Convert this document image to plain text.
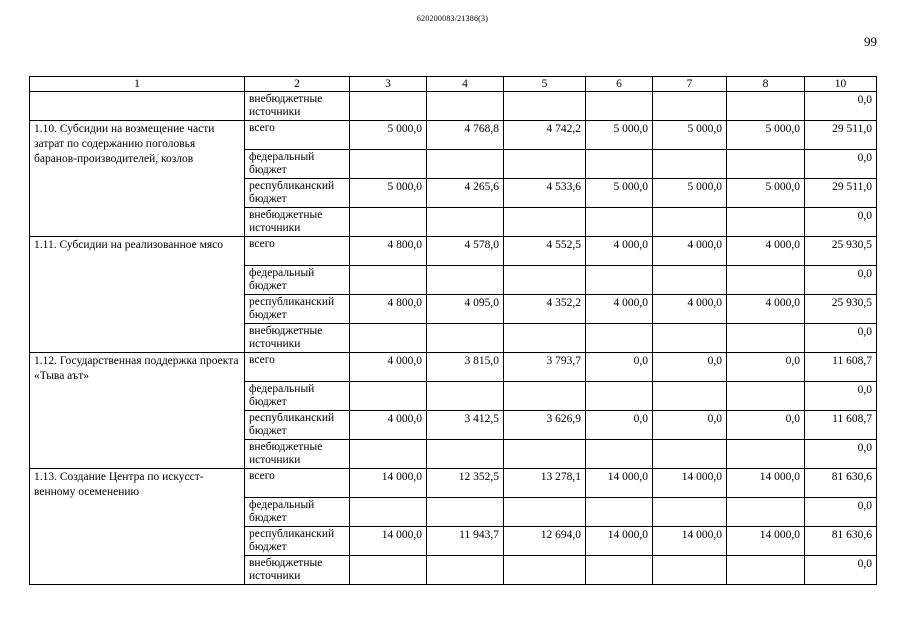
620200083/21386(3)
99
1	2	3	4	5	6	7	8	10
	внебюджетные источники							0,0
1.10. Субсидии на возмещение части затрат по содержанию поголовья баранов-производителей, козлов	всего	5 000,0	4 768,8	4 742,2	5 000,0	5 000,0	5 000,0	29 511,0
	федеральный бюджет							0,0
	республиканский бюджет	5 000,0	4 265,6	4 533,6	5 000,0	5 000,0	5 000,0	29 511,0
	внебюджетные источники							0,0
1.11. Субсидии на реализованное мясо	всего	4 800,0	4 578,0	4 552,5	4 000,0	4 000,0	4 000,0	25 930,5
	федеральный бюджет							0,0
	республиканский бюджет	4 800,0	4 095,0	4 352,2	4 000,0	4 000,0	4 000,0	25 930,5
	внебюджетные источники							0,0
1.12. Государственная поддержка проекта «Тыва аът»	всего	4 000,0	3 815,0	3 793,7	0,0	0,0	0,0	11 608,7
	федеральный бюджет							0,0
	республиканский бюджет	4 000,0	3 412,5	3 626,9	0,0	0,0	0,0	11 608,7
	внебюджетные источники							0,0
1.13. Создание Центра по искусст-венному осеменению	всего	14 000,0	12 352,5	13 278,1	14 000,0	14 000,0	14 000,0	81 630,6
	федеральный бюджет							0,0
	республиканский бюджет	14 000,0	11 943,7	12 694,0	14 000,0	14 000,0	14 000,0	81 630,6
	внебюджетные источники							0,0
